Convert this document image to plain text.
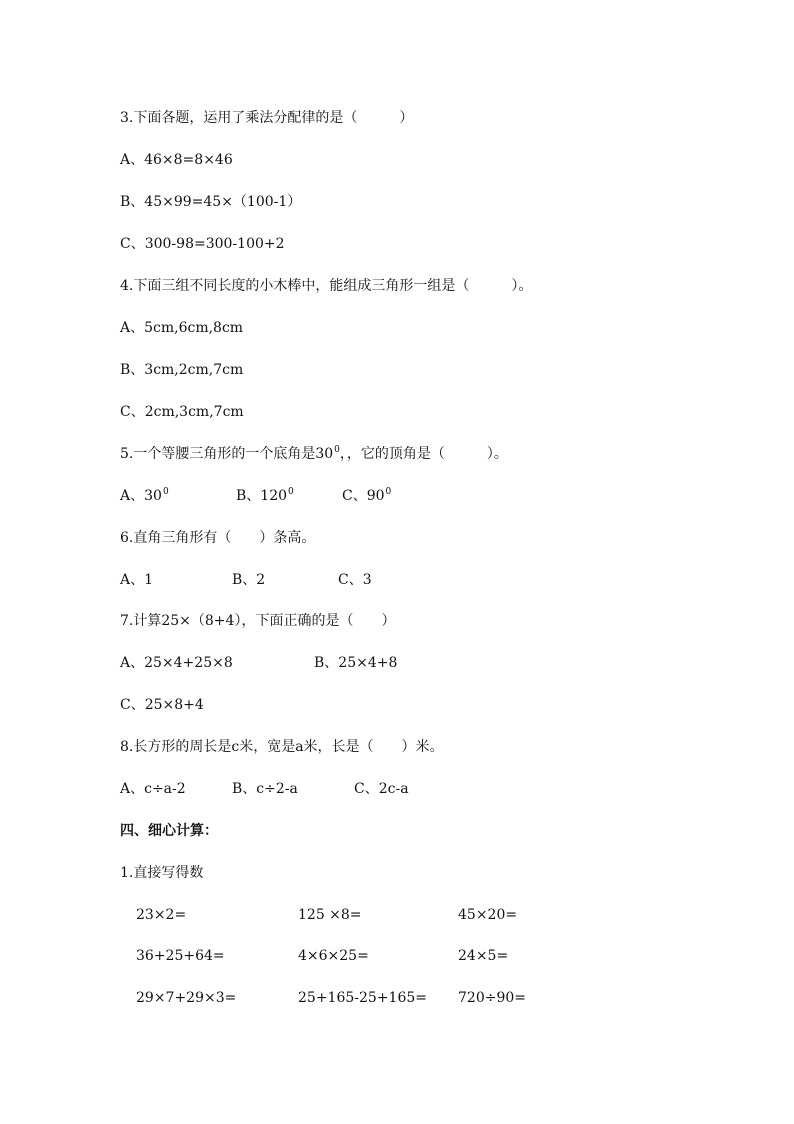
3.下面各题，运用了乘法分配律的是（　　　）
A、46×8=8×46
B、45×99=45×（100-1）
C、300-98=300-100+2
4.下面三组不同长度的小木棒中，能组成三角形一组是（　　　）。
A、5cm,6cm,8cm
B、3cm,2cm,7cm
C、2cm,3cm,7cm
5.一个等腰三角形的一个底角是$30^0$，，它的顶角是（　　　）。
A、$30^0$	B、$120^0$	C、$90^0$
6.直角三角形有（　　）条高。
A、1	B、2	C、3
7.计算25×（8+4），下面正确的是（　　）
A、25×4+25×8	B、25×4+8
C、25×8+4
8.长方形的周长是c米，宽是a米，长是（　　）米。
A、c÷a-2	B、c÷2-a	C、2c-a
四、细心计算：
1.直接写得数
23×2=	125 ×8=	45×20=
36+25+64=	4×6×25=	24×5=
29×7+29×3=	25+165-25+165= 720÷90=
